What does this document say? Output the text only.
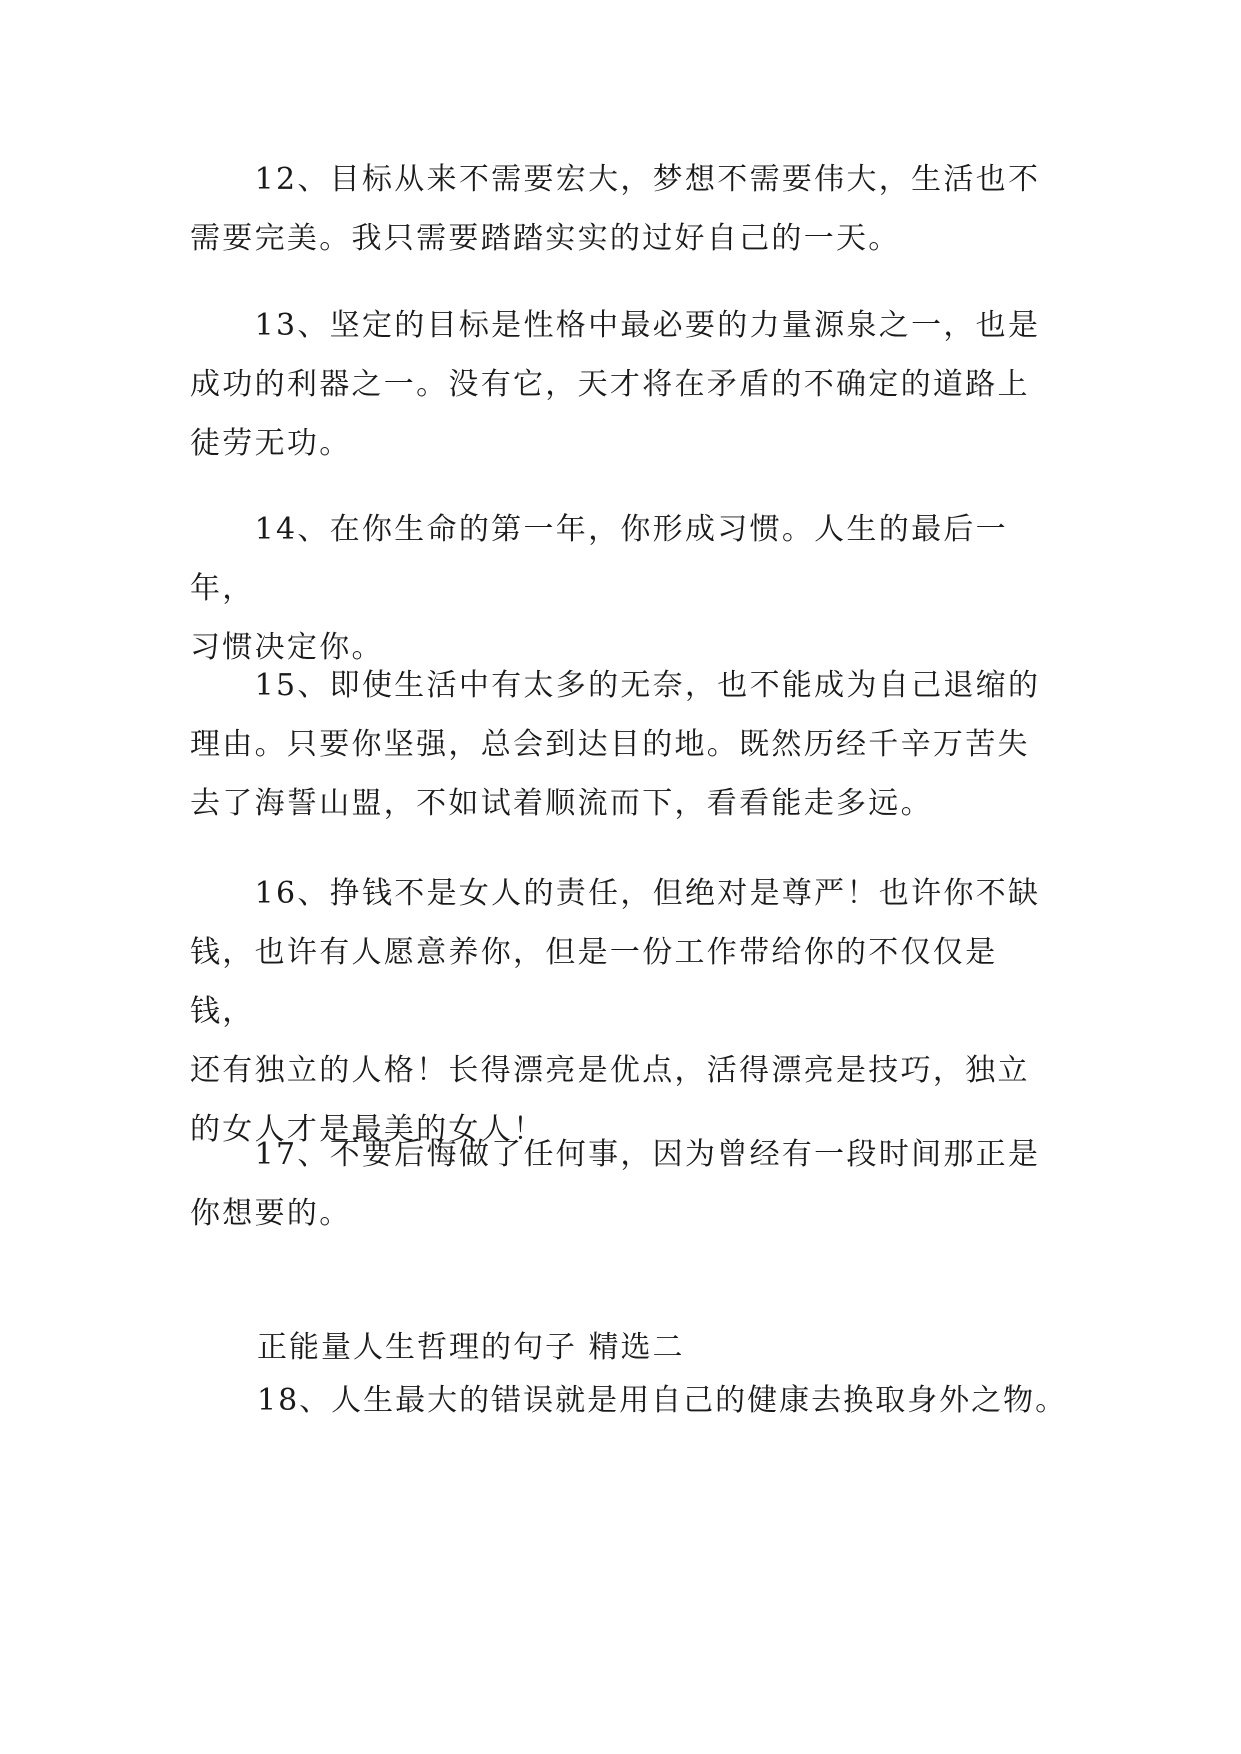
　　12、目标从来不需要宏大，梦想不需要伟大，生活也不
需要完美。我只需要踏踏实实的过好自己的一天。

　　13、坚定的目标是性格中最必要的力量源泉之一，也是
成功的利器之一。没有它，天才将在矛盾的不确定的道路上
徒劳无功。

　　14、在你生命的第一年，你形成习惯。人生的最后一年，
习惯决定你。

　　15、即使生活中有太多的无奈，也不能成为自己退缩的
理由。只要你坚强，总会到达目的地。既然历经千辛万苦失
去了海誓山盟，不如试着顺流而下，看看能走多远。

　　16、挣钱不是女人的责任，但绝对是尊严！也许你不缺
钱，也许有人愿意养你，但是一份工作带给你的不仅仅是钱，
还有独立的人格！长得漂亮是优点，活得漂亮是技巧，独立
的女人才是最美的女人！

　　17、不要后悔做了任何事，因为曾经有一段时间那正是
你想要的。

正能量人生哲理的句子 精选二

18、人生最大的错误就是用自己的健康去换取身外之物。
